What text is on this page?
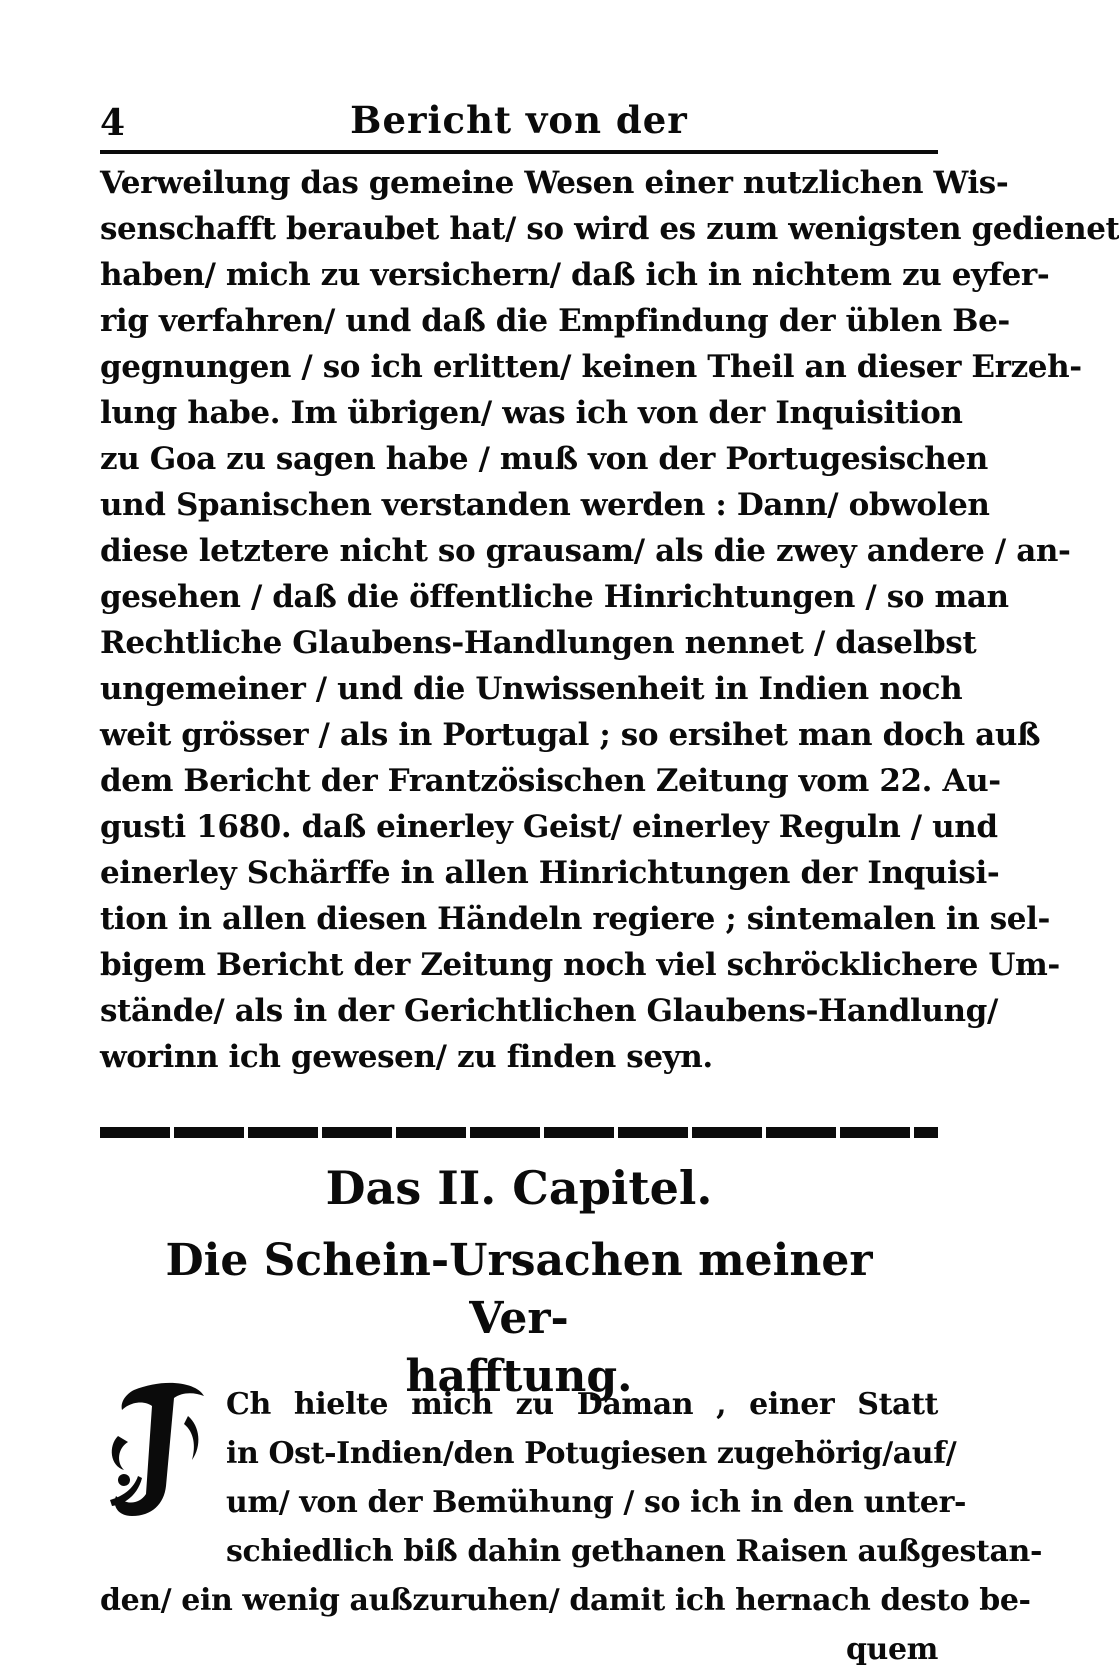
4	Bericht von der
Verweilung das gemeine Wesen einer nutzlichen Wis-
senschafft beraubet hat/ so wird es zum wenigsten gedienet
haben/ mich zu versichern/ daß ich in nichtem zu eyfer-
rig verfahren/ und daß die Empfindung der üblen Be-
gegnungen / so ich erlitten/ keinen Theil an dieser Erzeh-
lung habe. Im übrigen/ was ich von der Inquisition
zu Goa zu sagen habe / muß von der Portugesischen
und Spanischen verstanden werden : Dann/ obwolen
diese letztere nicht so grausam/ als die zwey andere / an-
gesehen / daß die öffentliche Hinrichtungen / so man
Rechtliche Glaubens-Handlungen nennet / daselbst
ungemeiner / und die Unwissenheit in Indien noch
weit grösser / als in Portugal ; so ersihet man doch auß
dem Bericht der Frantzösischen Zeitung vom 22. Au-
gusti 1680. daß einerley Geist/ einerley Reguln / und
einerley Schärffe in allen Hinrichtungen der Inquisi-
tion in allen diesen Händeln regiere ; sintemalen in sel-
bigem Bericht der Zeitung noch viel schröcklichere Um-
stände/ als in der Gerichtlichen Glaubens-Handlung/
worinn ich gewesen/ zu finden seyn.
Das II. Capitel.
Die Schein-Ursachen meiner Ver-
hafftung.
Ch hielte mich zu Daman , einer Statt
in Ost-Indien/den Potugiesen zugehörig/auf/
um/ von der Bemühung / so ich in den unter-
schiedlich biß dahin gethanen Raisen außgestan-
den/ ein wenig außzuruhen/ damit ich hernach desto be-
quem
